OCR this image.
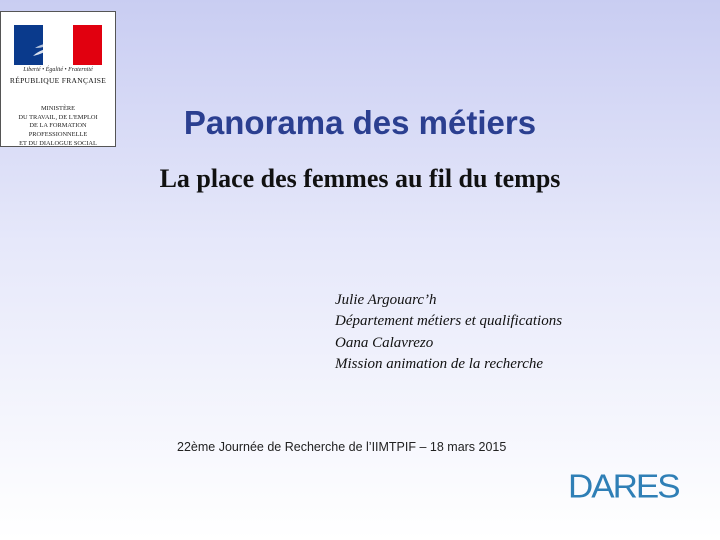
Liberté • Égalité • Fraternité
RÉPUBLIQUE FRANÇAISE
MINISTÈRE
DU TRAVAIL, DE L'EMPLOI
DE LA FORMATION
PROFESSIONNELLE
ET DU DIALOGUE SOCIAL
Panorama des métiers
La place des femmes au fil du temps
Julie Argouarc’h
Département métiers et qualifications
Oana Calavrezo
Mission animation de la recherche
22ème Journée de Recherche de l’IIMTPIF – 18 mars 2015
DARES
